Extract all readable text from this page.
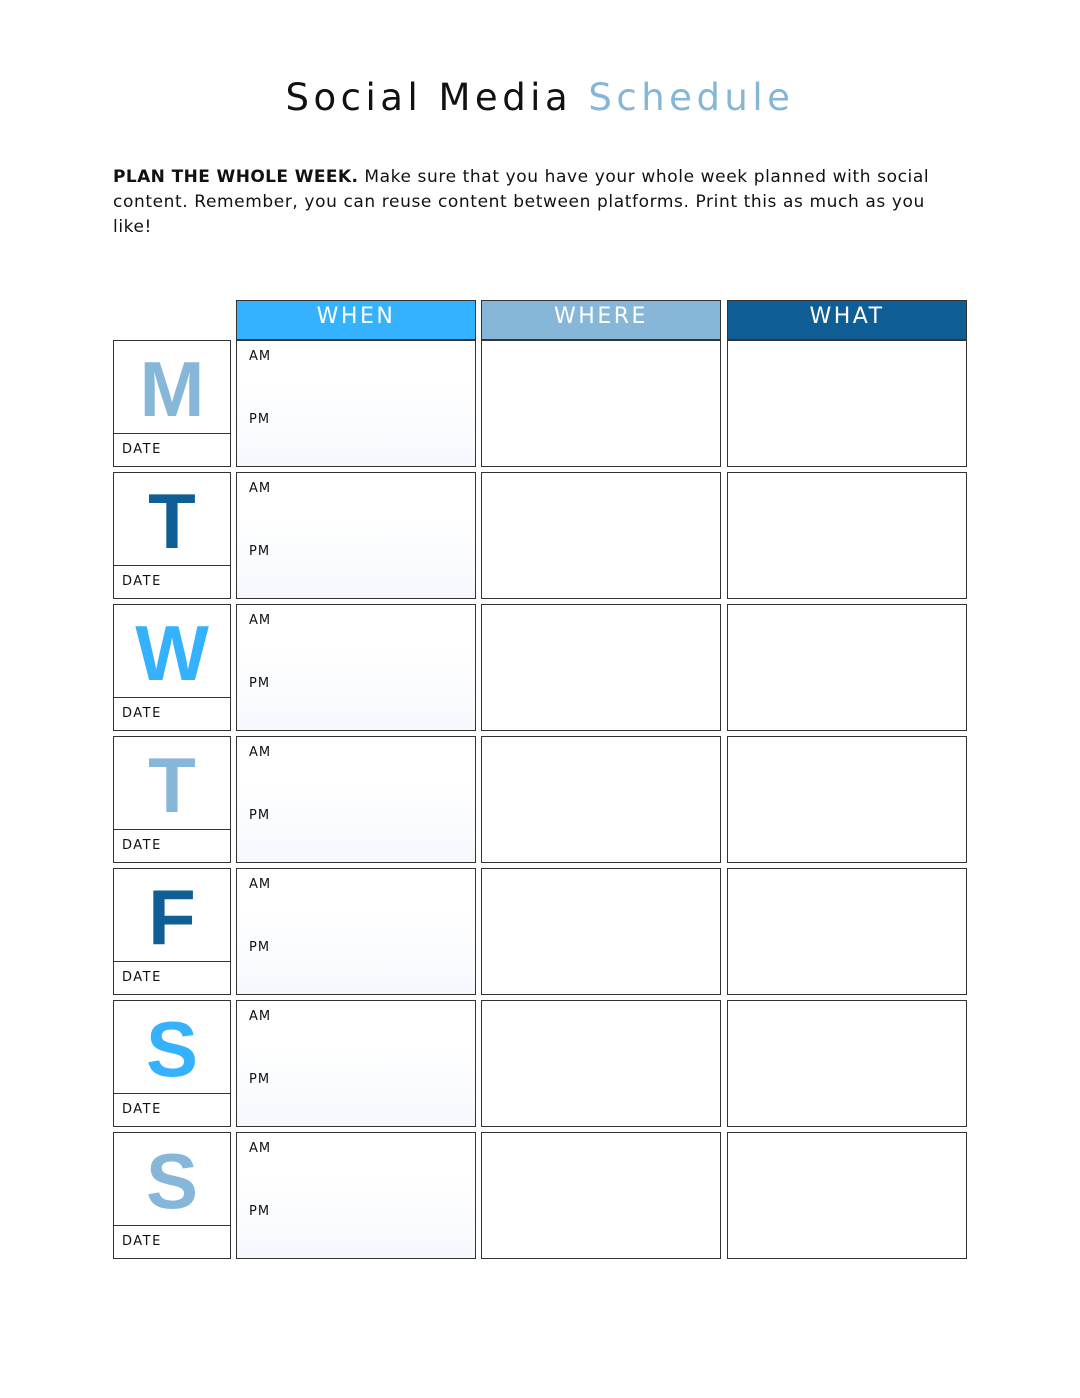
Social Media Schedule

PLAN THE WHOLE WEEK. Make sure that you have your whole week planned with social content. Remember, you can reuse content between platforms. Print this as much as you like!

WHEN	WHERE	WHAT
M
DATE
AM
PM
T
DATE
AM
PM
W
DATE
AM
PM
T
DATE
AM
PM
F
DATE
AM
PM
S
DATE
AM
PM
S
DATE
AM
PM
